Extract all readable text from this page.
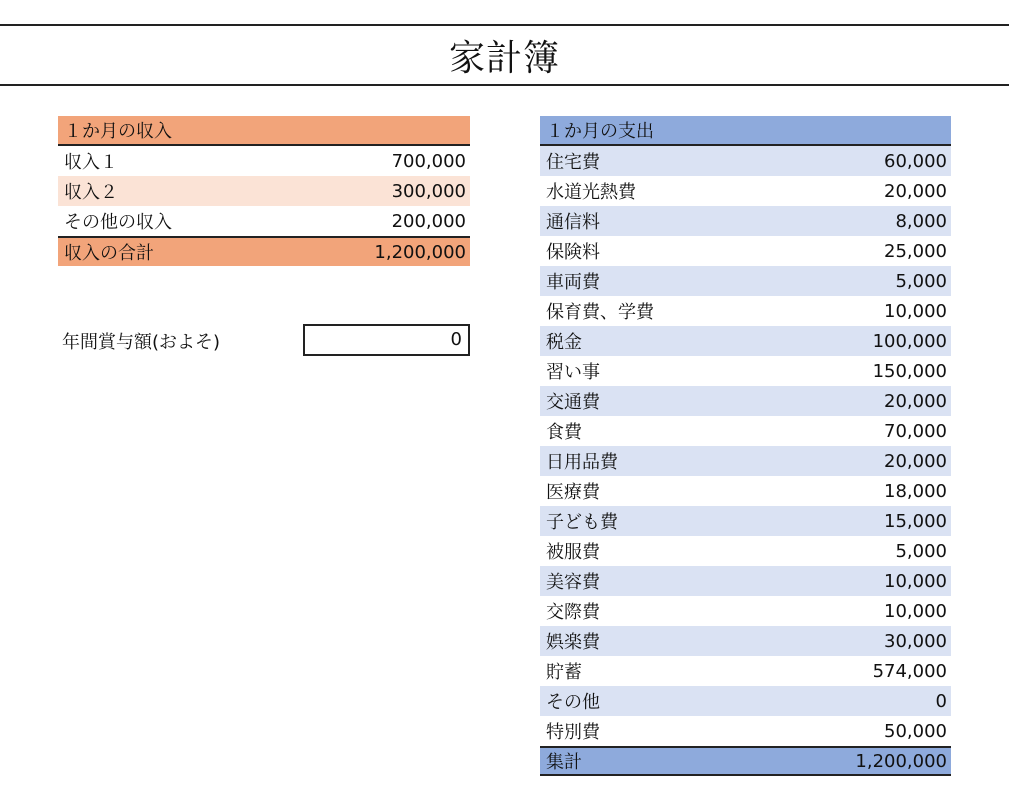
家計簿
１か月の収入
収入１	700,000
収入２	300,000
その他の収入	200,000
収入の合計	1,200,000
年間賞与額(およそ)	0
１か月の支出
住宅費	60,000
水道光熱費	20,000
通信料	8,000
保険料	25,000
車両費	5,000
保育費、学費	10,000
税金	100,000
習い事	150,000
交通費	20,000
食費	70,000
日用品費	20,000
医療費	18,000
子ども費	15,000
被服費	5,000
美容費	10,000
交際費	10,000
娯楽費	30,000
貯蓄	574,000
その他	0
特別費	50,000
集計	1,200,000
